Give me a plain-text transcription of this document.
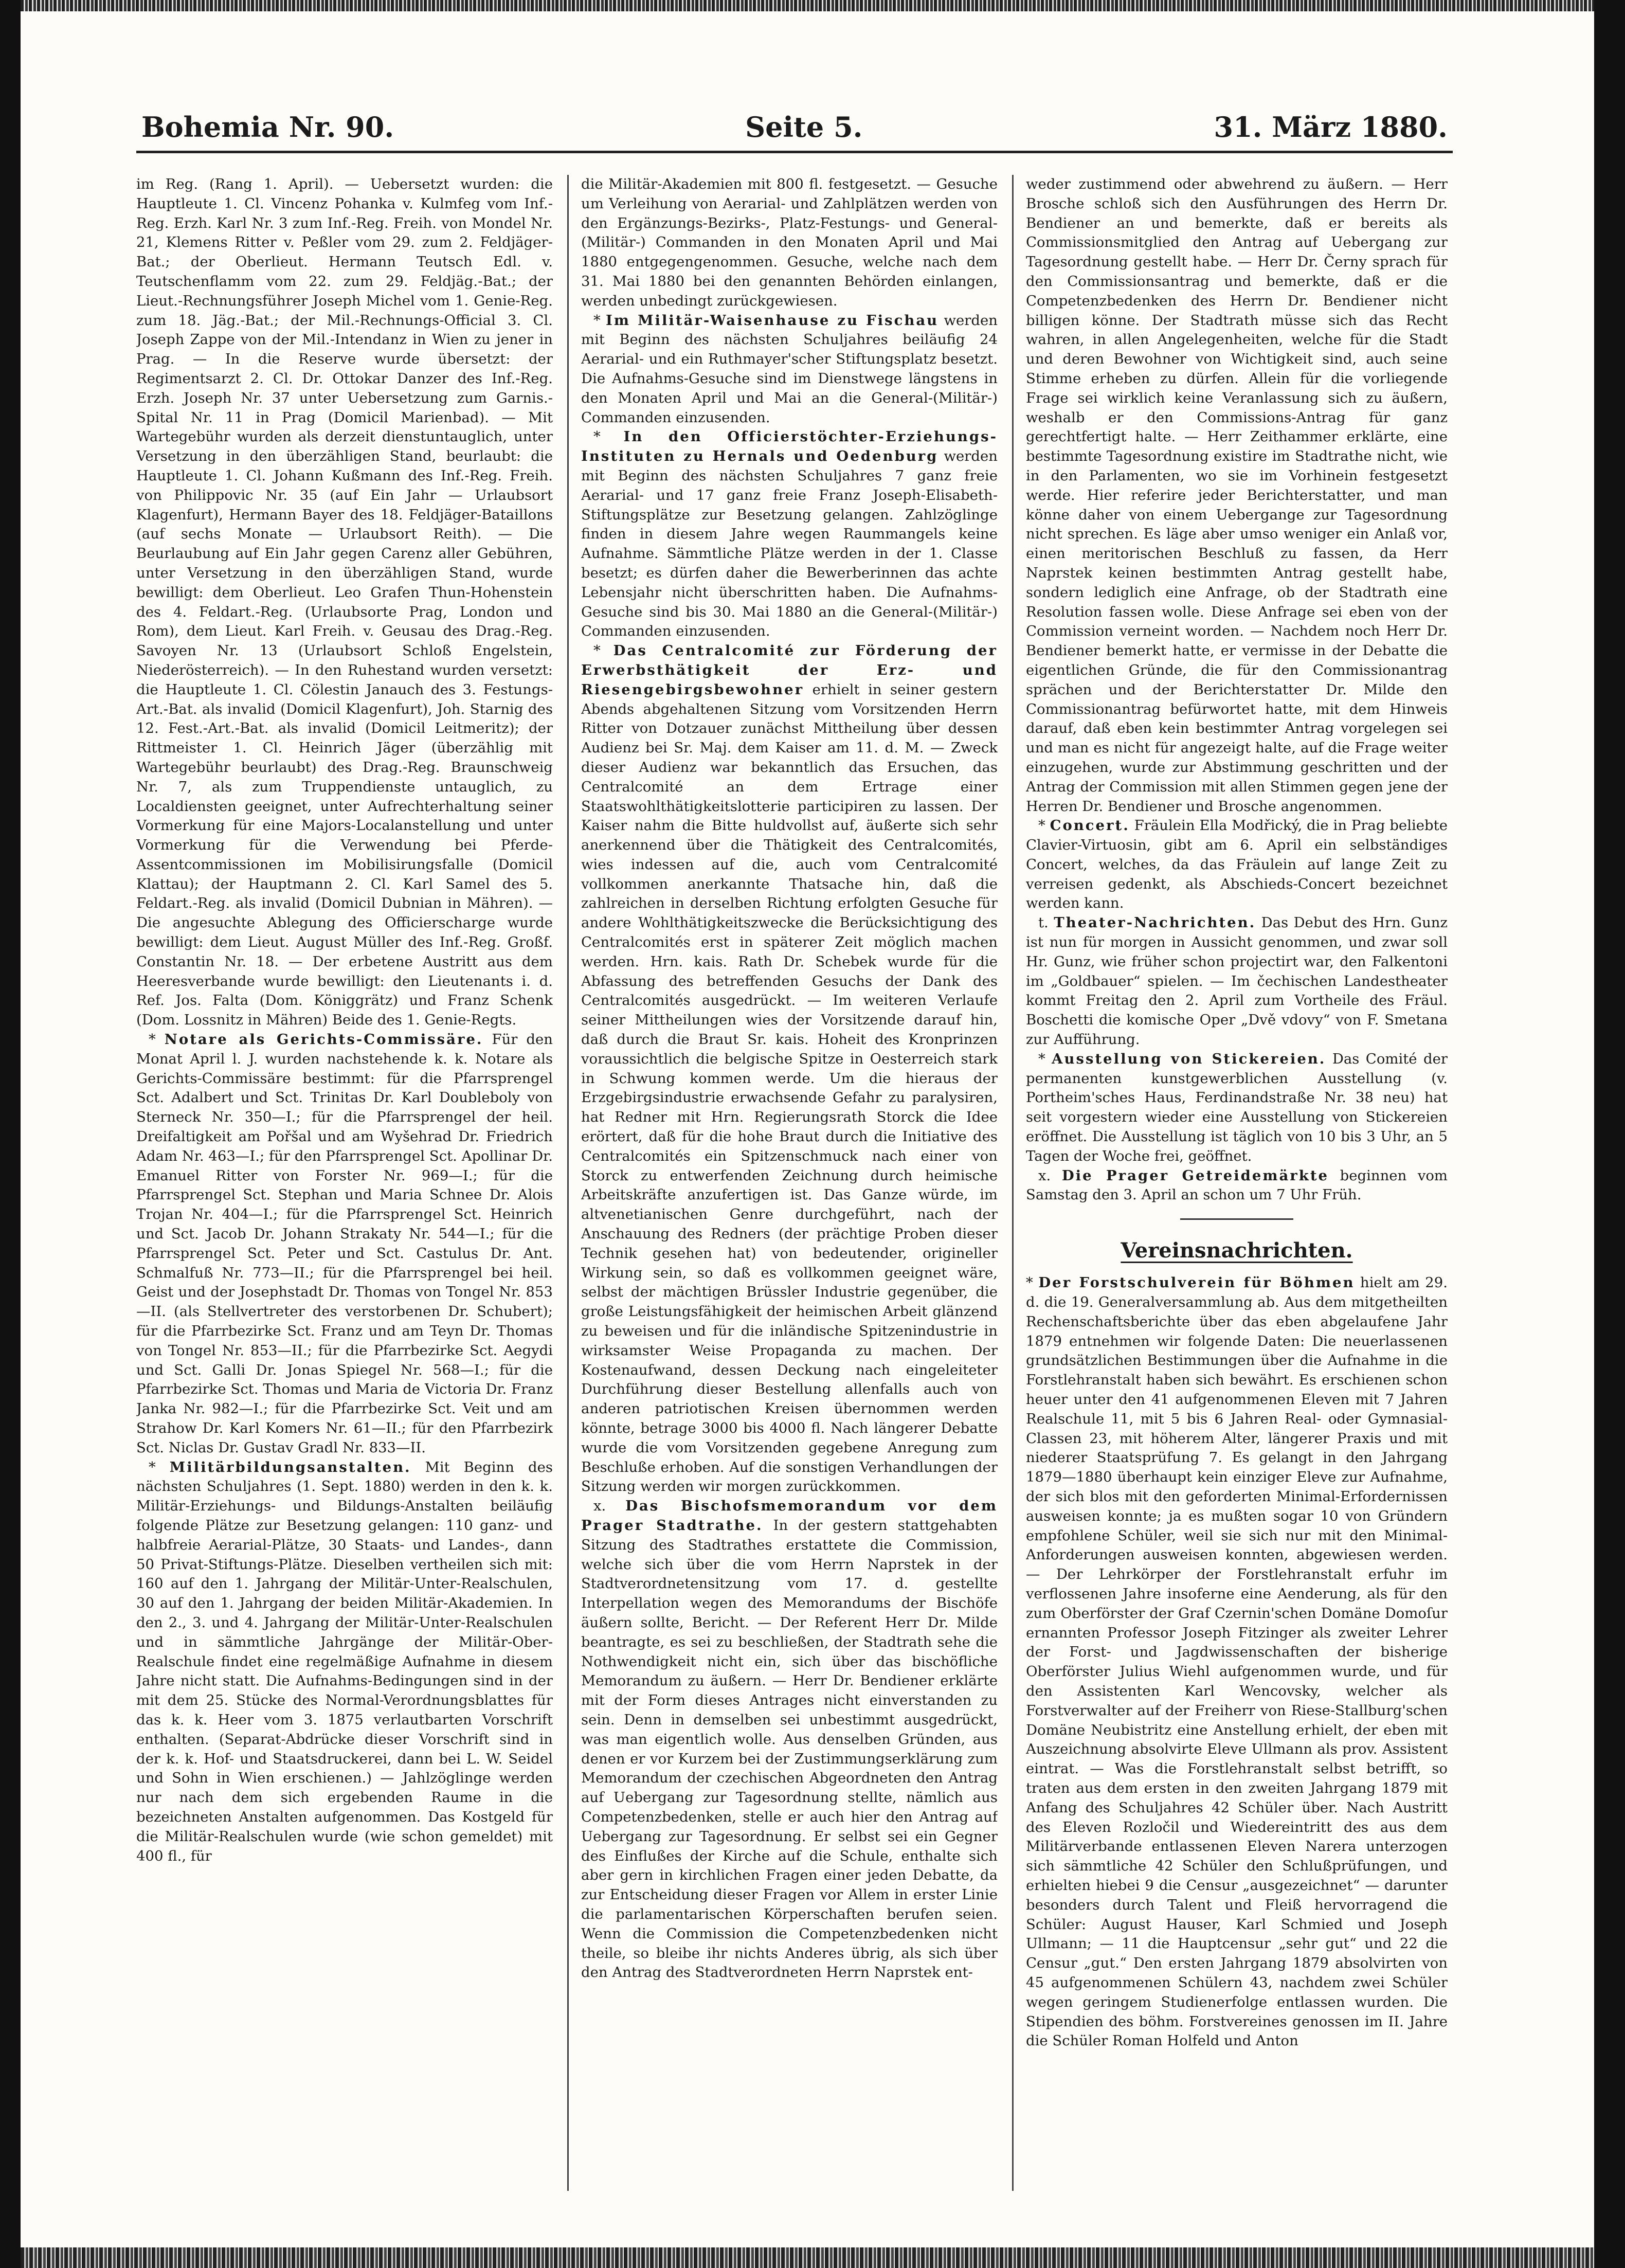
Bohemia Nr. 90.	Seite 5.	31. März 1880.

im Reg. (Rang 1. April). — Uebersetzt wurden: die Hauptleute 1. Cl. Vincenz Pohanka v. Kulmfeg vom Inf.-Reg. Erzh. Karl Nr. 3 zum Inf.-Reg. Freih. von Mondel Nr. 21, Klemens Ritter v. Peßler vom 29. zum 2. Feldjäger-Bat.; der Oberlieut. Hermann Teutsch Edl. v. Teutschenflamm vom 22. zum 29. Feldjäg.-Bat.; der Lieut.-Rechnungsführer Joseph Michel vom 1. Genie-Reg. zum 18. Jäg.-Bat.; der Mil.-Rechnungs-Official 3. Cl. Joseph Zappe von der Mil.-Intendanz in Wien zu jener in Prag. — In die Reserve wurde übersetzt: der Regimentsarzt 2. Cl. Dr. Ottokar Danzer des Inf.-Reg. Erzh. Joseph Nr. 37 unter Uebersetzung zum Garnis.-Spital Nr. 11 in Prag (Domicil Marienbad). — Mit Wartegebühr wurden als derzeit dienstuntauglich, unter Versetzung in den überzähligen Stand, beurlaubt: die Hauptleute 1. Cl. Johann Kußmann des Inf.-Reg. Freih. von Philippovic Nr. 35 (auf Ein Jahr — Urlaubsort Klagenfurt), Hermann Bayer des 18. Feldjäger-Bataillons (auf sechs Monate — Urlaubsort Reith). — Die Beurlaubung auf Ein Jahr gegen Carenz aller Gebühren, unter Versetzung in den überzähligen Stand, wurde bewilligt: dem Oberlieut. Leo Grafen Thun-Hohenstein des 4. Feldart.-Reg. (Urlaubsorte Prag, London und Rom), dem Lieut. Karl Freih. v. Geusau des Drag.-Reg. Savoyen Nr. 13 (Urlaubsort Schloß Engelstein, Niederösterreich). — In den Ruhestand wurden versetzt: die Hauptleute 1. Cl. Cölestin Janauch des 3. Festungs-Art.-Bat. als invalid (Domicil Klagenfurt), Joh. Starnig des 12. Fest.-Art.-Bat. als invalid (Domicil Leitmeritz); der Rittmeister 1. Cl. Heinrich Jäger (überzählig mit Wartegebühr beurlaubt) des Drag.-Reg. Braunschweig Nr. 7, als zum Truppendienste untauglich, zu Localdiensten geeignet, unter Aufrechterhaltung seiner Vormerkung für eine Majors-Localanstellung und unter Vormerkung für die Verwendung bei Pferde-Assentcommissionen im Mobilisirungsfalle (Domicil Klattau); der Hauptmann 2. Cl. Karl Samel des 5. Feldart.-Reg. als invalid (Domicil Dubnian in Mähren). — Die angesuchte Ablegung des Officierscharge wurde bewilligt: dem Lieut. August Müller des Inf.-Reg. Großf. Constantin Nr. 18. — Der erbetene Austritt aus dem Heeresverbande wurde bewilligt: den Lieutenants i. d. Ref. Jos. Falta (Dom. Königgrätz) und Franz Schenk (Dom. Lossnitz in Mähren) Beide des 1. Genie-Regts.

* Notare als Gerichts-Commissäre. Für den Monat April l. J. wurden nachstehende k. k. Notare als Gerichts-Commissäre bestimmt: für die Pfarrsprengel Sct. Adalbert und Sct. Trinitas Dr. Karl Doubleboly von Sterneck Nr. 350—I.; für die Pfarrsprengel der heil. Dreifaltigkeit am Pořšal und am Wyšehrad Dr. Friedrich Adam Nr. 463—I.; für den Pfarrsprengel Sct. Apollinar Dr. Emanuel Ritter von Forster Nr. 969—I.; für die Pfarrsprengel Sct. Stephan und Maria Schnee Dr. Alois Trojan Nr. 404—I.; für die Pfarrsprengel Sct. Heinrich und Sct. Jacob Dr. Johann Strakaty Nr. 544—I.; für die Pfarrsprengel Sct. Peter und Sct. Castulus Dr. Ant. Schmalfuß Nr. 773—II.; für die Pfarrsprengel bei heil. Geist und der Josephstadt Dr. Thomas von Tongel Nr. 853—II. (als Stellvertreter des verstorbenen Dr. Schubert); für die Pfarrbezirke Sct. Franz und am Teyn Dr. Thomas von Tongel Nr. 853—II.; für die Pfarrbezirke Sct. Aegydi und Sct. Galli Dr. Jonas Spiegel Nr. 568—I.; für die Pfarrbezirke Sct. Thomas und Maria de Victoria Dr. Franz Janka Nr. 982—I.; für die Pfarrbezirke Sct. Veit und am Strahow Dr. Karl Komers Nr. 61—II.; für den Pfarrbezirk Sct. Niclas Dr. Gustav Gradl Nr. 833—II.

* Militärbildungsanstalten. Mit Beginn des nächsten Schuljahres (1. Sept. 1880) werden in den k. k. Militär-Erziehungs- und Bildungs-Anstalten beiläufig folgende Plätze zur Besetzung gelangen: 110 ganz- und halbfreie Aerarial-Plätze, 30 Staats- und Landes-, dann 50 Privat-Stiftungs-Plätze. Dieselben vertheilen sich mit: 160 auf den 1. Jahrgang der Militär-Unter-Realschulen, 30 auf den 1. Jahrgang der beiden Militär-Akademien. In den 2., 3. und 4. Jahrgang der Militär-Unter-Realschulen und in sämmtliche Jahrgänge der Militär-Ober-Realschule findet eine regelmäßige Aufnahme in diesem Jahre nicht statt. Die Aufnahms-Bedingungen sind in der mit dem 25. Stücke des Normal-Verordnungsblattes für das k. k. Heer vom 3. 1875 verlautbarten Vorschrift enthalten. (Separat-Abdrücke dieser Vorschrift sind in der k. k. Hof- und Staatsdruckerei, dann bei L. W. Seidel und Sohn in Wien erschienen.) — Jahlzöglinge werden nur nach dem sich ergebenden Raume in die bezeichneten Anstalten aufgenommen. Das Kostgeld für die Militär-Realschulen wurde (wie schon gemeldet) mit 400 fl., für

die Militär-Akademien mit 800 fl. festgesetzt. — Gesuche um Verleihung von Aerarial- und Zahlplätzen werden von den Ergänzungs-Bezirks-, Platz-Festungs- und General-(Militär-) Commanden in den Monaten April und Mai 1880 entgegengenommen. Gesuche, welche nach dem 31. Mai 1880 bei den genannten Behörden einlangen, werden unbedingt zurückgewiesen.

* Im Militär-Waisenhause zu Fischau werden mit Beginn des nächsten Schuljahres beiläufig 24 Aerarial- und ein Ruthmayer'scher Stiftungsplatz besetzt. Die Aufnahms-Gesuche sind im Dienstwege längstens in den Monaten April und Mai an die General-(Militär-) Commanden einzusenden.

* In den Officierstöchter-Erziehungs-Instituten zu Hernals und Oedenburg werden mit Beginn des nächsten Schuljahres 7 ganz freie Aerarial- und 17 ganz freie Franz Joseph-Elisabeth-Stiftungsplätze zur Besetzung gelangen. Zahlzöglinge finden in diesem Jahre wegen Raummangels keine Aufnahme. Sämmtliche Plätze werden in der 1. Classe besetzt; es dürfen daher die Bewerberinnen das achte Lebensjahr nicht überschritten haben. Die Aufnahms-Gesuche sind bis 30. Mai 1880 an die General-(Militär-) Commanden einzusenden.

* Das Centralcomité zur Förderung der Erwerbsthätigkeit der Erz- und Riesengebirgsbewohner erhielt in seiner gestern Abends abgehaltenen Sitzung vom Vorsitzenden Herrn Ritter von Dotzauer zunächst Mittheilung über dessen Audienz bei Sr. Maj. dem Kaiser am 11. d. M. — Zweck dieser Audienz war bekanntlich das Ersuchen, das Centralcomité an dem Ertrage einer Staatswohlthätigkeitslotterie participiren zu lassen. Der Kaiser nahm die Bitte huldvollst auf, äußerte sich sehr anerkennend über die Thätigkeit des Centralcomités, wies indessen auf die, auch vom Centralcomité vollkommen anerkannte Thatsache hin, daß die zahlreichen in derselben Richtung erfolgten Gesuche für andere Wohlthätigkeitszwecke die Berücksichtigung des Centralcomités erst in späterer Zeit möglich machen werden. Hrn. kais. Rath Dr. Schebek wurde für die Abfassung des betreffenden Gesuchs der Dank des Centralcomités ausgedrückt. — Im weiteren Verlaufe seiner Mittheilungen wies der Vorsitzende darauf hin, daß durch die Braut Sr. kais. Hoheit des Kronprinzen voraussichtlich die belgische Spitze in Oesterreich stark in Schwung kommen werde. Um die hieraus der Erzgebirgsindustrie erwachsende Gefahr zu paralysiren, hat Redner mit Hrn. Regierungsrath Storck die Idee erörtert, daß für die hohe Braut durch die Initiative des Centralcomités ein Spitzenschmuck nach einer von Storck zu entwerfenden Zeichnung durch heimische Arbeitskräfte anzufertigen ist. Das Ganze würde, im altvenetianischen Genre durchgeführt, nach der Anschauung des Redners (der prächtige Proben dieser Technik gesehen hat) von bedeutender, origineller Wirkung sein, so daß es vollkommen geeignet wäre, selbst der mächtigen Brüssler Industrie gegenüber, die große Leistungsfähigkeit der heimischen Arbeit glänzend zu beweisen und für die inländische Spitzenindustrie in wirksamster Weise Propaganda zu machen. Der Kostenaufwand, dessen Deckung nach eingeleiteter Durchführung dieser Bestellung allenfalls auch von anderen patriotischen Kreisen übernommen werden könnte, betrage 3000 bis 4000 fl. Nach längerer Debatte wurde die vom Vorsitzenden gegebene Anregung zum Beschluße erhoben. Auf die sonstigen Verhandlungen der Sitzung werden wir morgen zurückkommen.

x. Das Bischofsmemorandum vor dem Prager Stadtrathe. In der gestern stattgehabten Sitzung des Stadtrathes erstattete die Commission, welche sich über die vom Herrn Naprstek in der Stadtverordnetensitzung vom 17. d. gestellte Interpellation wegen des Memorandums der Bischöfe äußern sollte, Bericht. — Der Referent Herr Dr. Milde beantragte, es sei zu beschließen, der Stadtrath sehe die Nothwendigkeit nicht ein, sich über das bischöfliche Memorandum zu äußern. — Herr Dr. Bendiener erklärte mit der Form dieses Antrages nicht einverstanden zu sein. Denn in demselben sei unbestimmt ausgedrückt, was man eigentlich wolle. Aus denselben Gründen, aus denen er vor Kurzem bei der Zustimmungserklärung zum Memorandum der czechischen Abgeordneten den Antrag auf Uebergang zur Tagesordnung stellte, nämlich aus Competenzbedenken, stelle er auch hier den Antrag auf Uebergang zur Tagesordnung. Er selbst sei ein Gegner des Einflußes der Kirche auf die Schule, enthalte sich aber gern in kirchlichen Fragen einer jeden Debatte, da zur Entscheidung dieser Fragen vor Allem in erster Linie die parlamentarischen Körperschaften berufen seien. Wenn die Commission die Competenzbedenken nicht theile, so bleibe ihr nichts Anderes übrig, als sich über den Antrag des Stadtverordneten Herrn Naprstek ent-

weder zustimmend oder abwehrend zu äußern. — Herr Brosche schloß sich den Ausführungen des Herrn Dr. Bendiener an und bemerkte, daß er bereits als Commissionsmitglied den Antrag auf Uebergang zur Tagesordnung gestellt habe. — Herr Dr. Černy sprach für den Commissionsantrag und bemerkte, daß er die Competenzbedenken des Herrn Dr. Bendiener nicht billigen könne. Der Stadtrath müsse sich das Recht wahren, in allen Angelegenheiten, welche für die Stadt und deren Bewohner von Wichtigkeit sind, auch seine Stimme erheben zu dürfen. Allein für die vorliegende Frage sei wirklich keine Veranlassung sich zu äußern, weshalb er den Commissions-Antrag für ganz gerechtfertigt halte. — Herr Zeithammer erklärte, eine bestimmte Tagesordnung existire im Stadtrathe nicht, wie in den Parlamenten, wo sie im Vorhinein festgesetzt werde. Hier referire jeder Berichterstatter, und man könne daher von einem Uebergange zur Tagesordnung nicht sprechen. Es läge aber umso weniger ein Anlaß vor, einen meritorischen Beschluß zu fassen, da Herr Naprstek keinen bestimmten Antrag gestellt habe, sondern lediglich eine Anfrage, ob der Stadtrath eine Resolution fassen wolle. Diese Anfrage sei eben von der Commission verneint worden. — Nachdem noch Herr Dr. Bendiener bemerkt hatte, er vermisse in der Debatte die eigentlichen Gründe, die für den Commissionantrag sprächen und der Berichterstatter Dr. Milde den Commissionantrag befürwortet hatte, mit dem Hinweis darauf, daß eben kein bestimmter Antrag vorgelegen sei und man es nicht für angezeigt halte, auf die Frage weiter einzugehen, wurde zur Abstimmung geschritten und der Antrag der Commission mit allen Stimmen gegen jene der Herren Dr. Bendiener und Brosche angenommen.

* Concert. Fräulein Ella Modřický, die in Prag beliebte Clavier-Virtuosin, gibt am 6. April ein selbständiges Concert, welches, da das Fräulein auf lange Zeit zu verreisen gedenkt, als Abschieds-Concert bezeichnet werden kann.

t. Theater-Nachrichten. Das Debut des Hrn. Gunz ist nun für morgen in Aussicht genommen, und zwar soll Hr. Gunz, wie früher schon projectirt war, den Falkentoni im „Goldbauer“ spielen. — Im čechischen Landestheater kommt Freitag den 2. April zum Vortheile des Fräul. Boschetti die komische Oper „Dvě vdovy“ von F. Smetana zur Aufführung.

* Ausstellung von Stickereien. Das Comité der permanenten kunstgewerblichen Ausstellung (v. Portheim'sches Haus, Ferdinandstraße Nr. 38 neu) hat seit vorgestern wieder eine Ausstellung von Stickereien eröffnet. Die Ausstellung ist täglich von 10 bis 3 Uhr, an 5 Tagen der Woche frei, geöffnet.

x. Die Prager Getreidemärkte beginnen vom Samstag den 3. April an schon um 7 Uhr Früh.

Vereinsnachrichten.

* Der Forstschulverein für Böhmen hielt am 29. d. die 19. Generalversammlung ab. Aus dem mitgetheilten Rechenschaftsberichte über das eben abgelaufene Jahr 1879 entnehmen wir folgende Daten: Die neuerlassenen grundsätzlichen Bestimmungen über die Aufnahme in die Forstlehranstalt haben sich bewährt. Es erschienen schon heuer unter den 41 aufgenommenen Eleven mit 7 Jahren Realschule 11, mit 5 bis 6 Jahren Real- oder Gymnasial-Classen 23, mit höherem Alter, längerer Praxis und mit niederer Staatsprüfung 7. Es gelangt in den Jahrgang 1879—1880 überhaupt kein einziger Eleve zur Aufnahme, der sich blos mit den geforderten Minimal-Erfordernissen ausweisen konnte; ja es mußten sogar 10 von Gründern empfohlene Schüler, weil sie sich nur mit den Minimal-Anforderungen ausweisen konnten, abgewiesen werden. — Der Lehrkörper der Forstlehranstalt erfuhr im verflossenen Jahre insoferne eine Aenderung, als für den zum Oberförster der Graf Czernin'schen Domäne Domoſur ernannten Professor Joseph Fitzinger als zweiter Lehrer der Forst- und Jagdwissenschaften der bisherige Oberförster Julius Wiehl aufgenommen wurde, und für den Assistenten Karl Wencovsky, welcher als Forstverwalter auf der Freiherr von Riese-Stallburg'schen Domäne Neubistritz eine Anstellung erhielt, der eben mit Auszeichnung absolvirte Eleve Ullmann als prov. Assistent eintrat. — Was die Forstlehranstalt selbst betrifft, so traten aus dem ersten in den zweiten Jahrgang 1879 mit Anfang des Schuljahres 42 Schüler über. Nach Austritt des Eleven Rozločil und Wiedereintritt des aus dem Militärverbande entlassenen Eleven Narera unterzogen sich sämmtliche 42 Schüler den Schlußprüfungen, und erhielten hiebei 9 die Censur „ausgezeichnet“ — darunter besonders durch Talent und Fleiß hervorragend die Schüler: August Hauser, Karl Schmied und Joseph Ullmann; — 11 die Hauptcensur „sehr gut“ und 22 die Censur „gut.“ Den ersten Jahrgang 1879 absolvirten von 45 aufgenommenen Schülern 43, nachdem zwei Schüler wegen geringem Studienerfolge entlassen wurden. Die Stipendien des böhm. Forstvereines genossen im II. Jahre die Schüler Roman Holfeld und Anton
